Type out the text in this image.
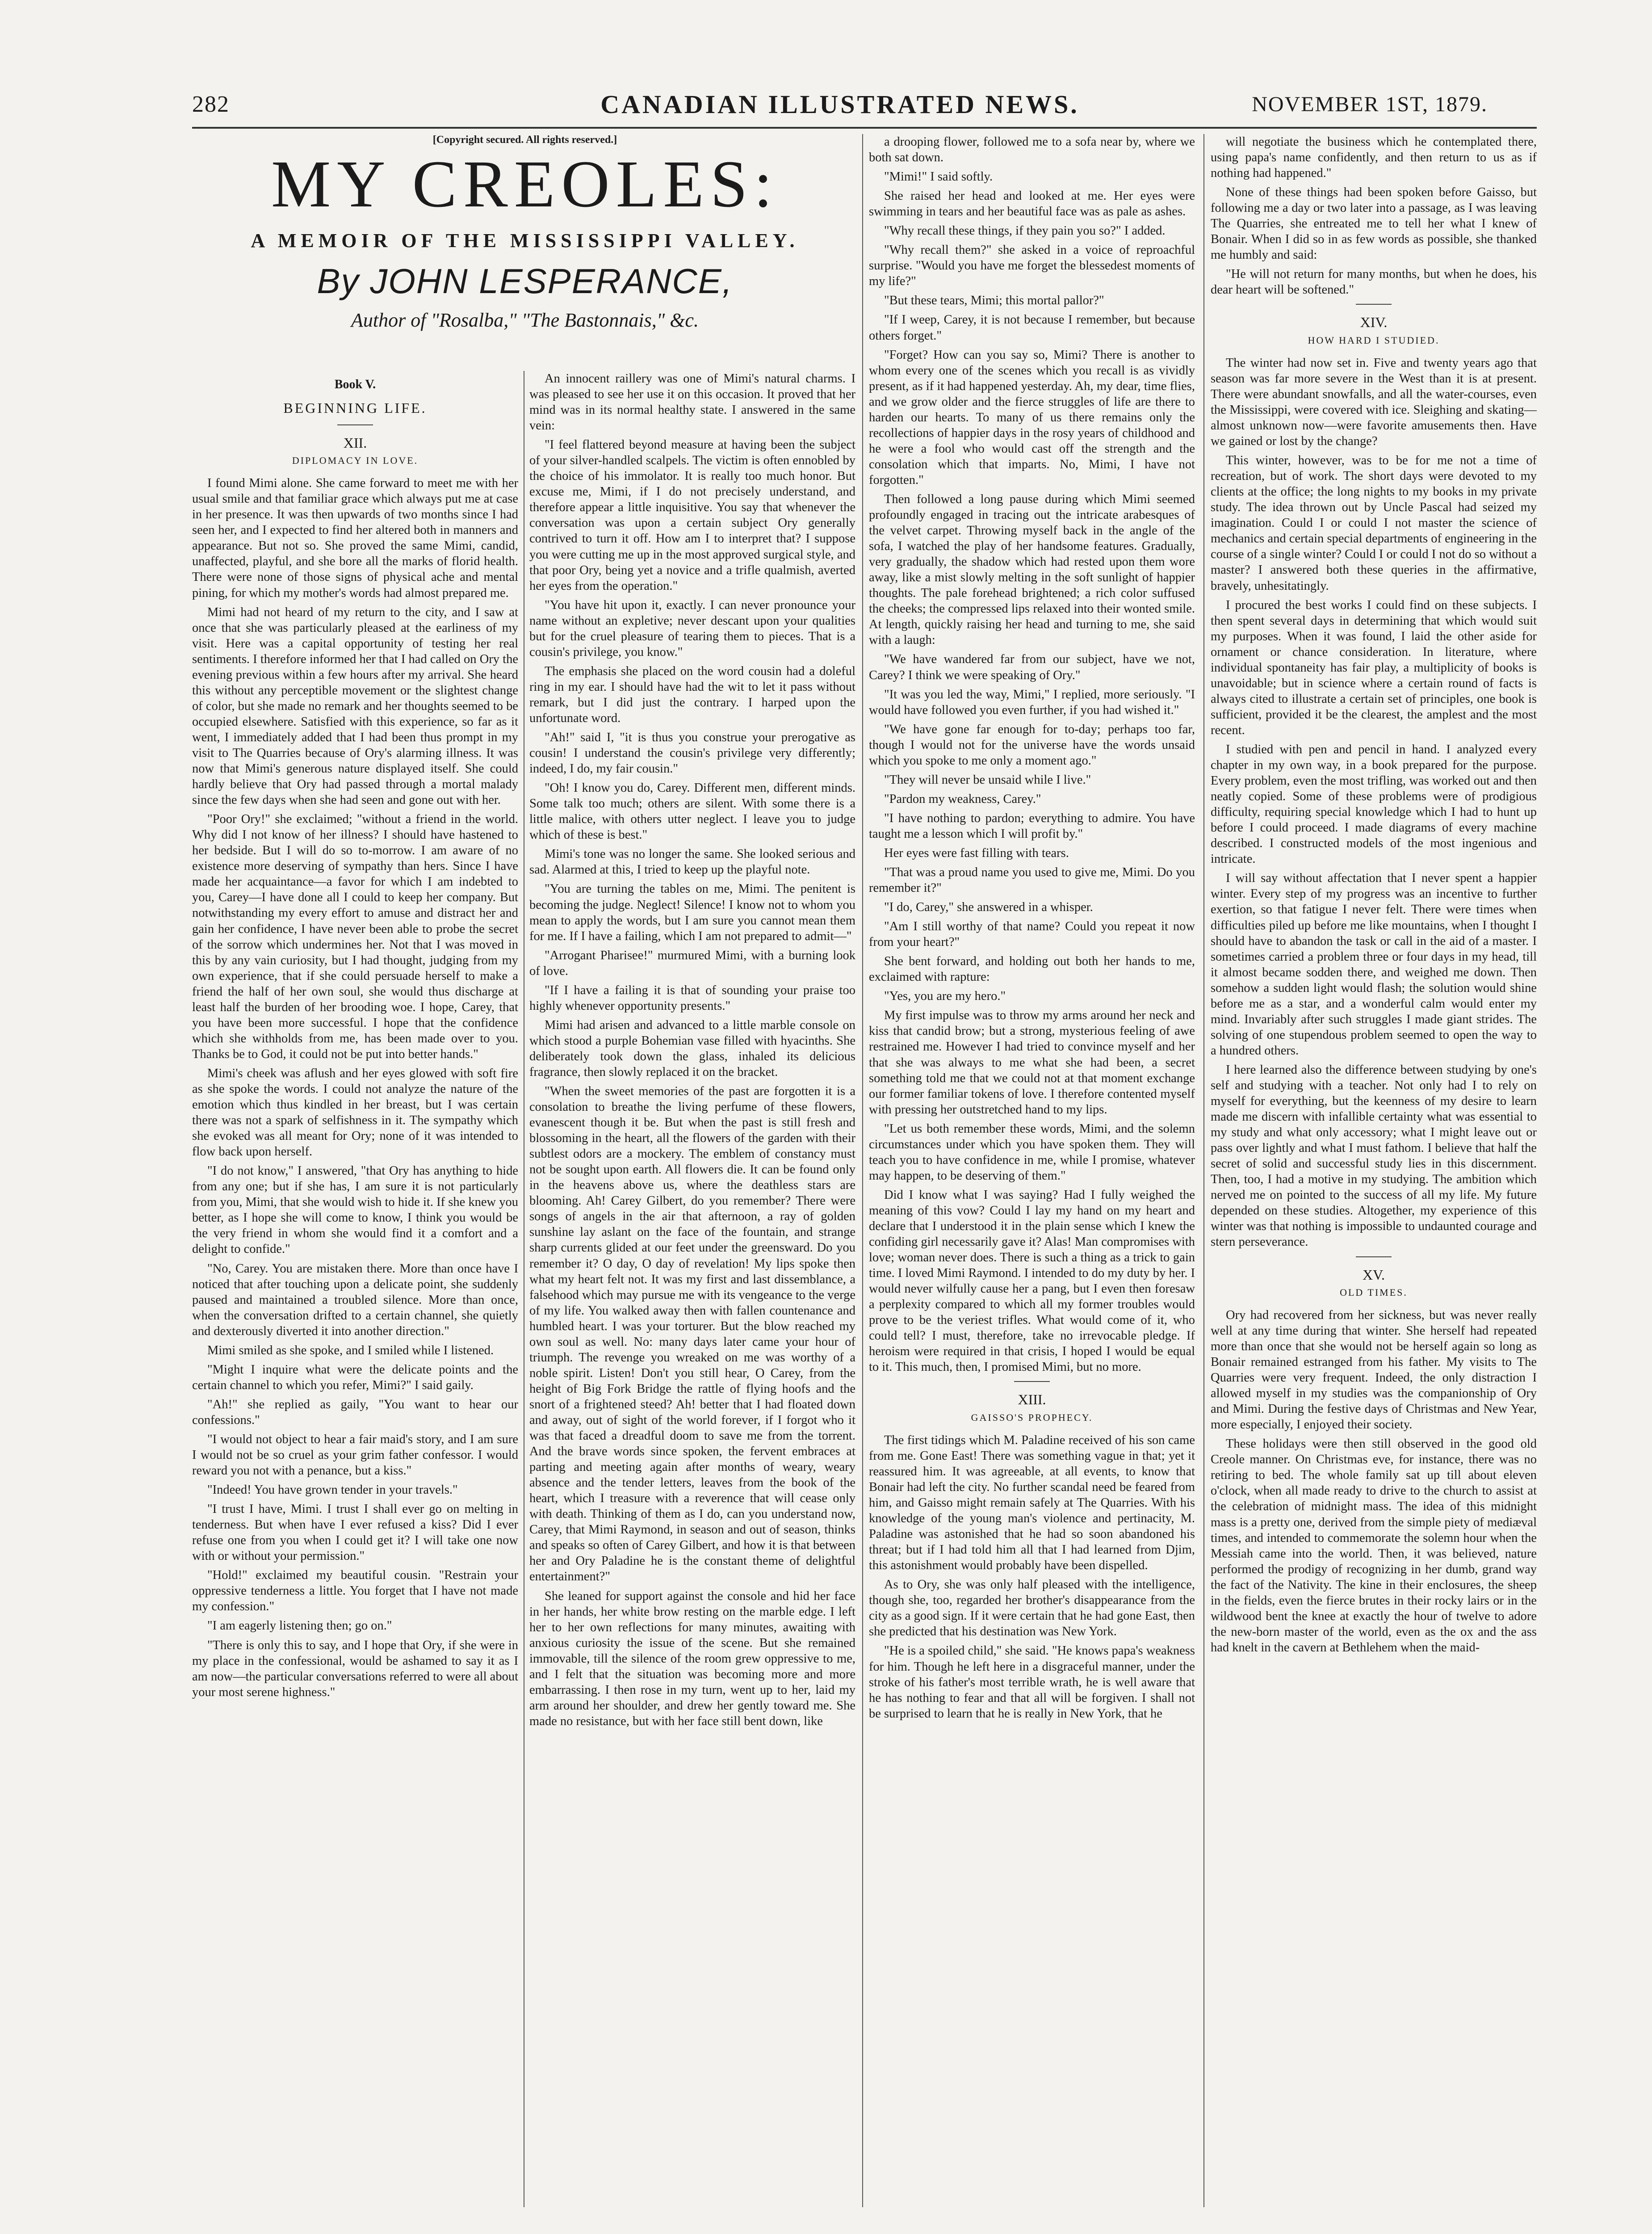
282	CANADIAN ILLUSTRATED NEWS.	NOVEMBER 1ST, 1879.
[Copyright secured. All rights reserved.]
MY CREOLES:
A MEMOIR OF THE MISSISSIPPI VALLEY.
By JOHN LESPERANCE,
Author of "Rosalba," "The Bastonnais," &c.
Book V.
BEGINNING LIFE.
XII.
DIPLOMACY IN LOVE.

I found Mimi alone. She came forward to meet me with her usual smile and that familiar grace which always put me at case in her presence. It was then upwards of two months since I had seen her, and I expected to find her altered both in manners and appearance. But not so. She proved the same Mimi, candid, unaffected, playful, and she bore all the marks of florid health. There were none of those signs of physical ache and mental pining, for which my mother's words had almost prepared me.

Mimi had not heard of my return to the city, and I saw at once that she was particularly pleased at the earliness of my visit. Here was a capital opportunity of testing her real sentiments. I therefore informed her that I had called on Ory the evening previous within a few hours after my arrival. She heard this without any perceptible movement or the slightest change of color, but she made no remark and her thoughts seemed to be occupied elsewhere. Satisfied with this experience, so far as it went, I immediately added that I had been thus prompt in my visit to The Quarries because of Ory's alarming illness. It was now that Mimi's generous nature displayed itself. She could hardly believe that Ory had passed through a mortal malady since the few days when she had seen and gone out with her.

"Poor Ory!" she exclaimed; "without a friend in the world. Why did I not know of her illness? I should have hastened to her bedside. But I will do so to-morrow. I am aware of no existence more deserving of sympathy than hers. Since I have made her acquaintance—a favor for which I am indebted to you, Carey—I have done all I could to keep her company. But notwithstanding my every effort to amuse and distract her and gain her confidence, I have never been able to probe the secret of the sorrow which undermines her. Not that I was moved in this by any vain curiosity, but I had thought, judging from my own experience, that if she could persuade herself to make a friend the half of her own soul, she would thus discharge at least half the burden of her brooding woe. I hope, Carey, that you have been more successful. I hope that the confidence which she withholds from me, has been made over to you. Thanks be to God, it could not be put into better hands."

Mimi's cheek was aflush and her eyes glowed with soft fire as she spoke the words. I could not analyze the nature of the emotion which thus kindled in her breast, but I was certain there was not a spark of selfishness in it. The sympathy which she evoked was all meant for Ory; none of it was intended to flow back upon herself.

"I do not know," I answered, "that Ory has anything to hide from any one; but if she has, I am sure it is not particularly from you, Mimi, that she would wish to hide it. If she knew you better, as I hope she will come to know, I think you would be the very friend in whom she would find it a comfort and a delight to confide."

"No, Carey. You are mistaken there. More than once have I noticed that after touching upon a delicate point, she suddenly paused and maintained a troubled silence. More than once, when the conversation drifted to a certain channel, she quietly and dexterously diverted it into another direction."

Mimi smiled as she spoke, and I smiled while I listened.

"Might I inquire what were the delicate points and the certain channel to which you refer, Mimi?" I said gaily.

"Ah!" she replied as gaily, "You want to hear our confessions."

"I would not object to hear a fair maid's story, and I am sure I would not be so cruel as your grim father confessor. I would reward you not with a penance, but a kiss."

"Indeed! You have grown tender in your travels."

"I trust I have, Mimi. I trust I shall ever go on melting in tenderness. But when have I ever refused a kiss? Did I ever refuse one from you when I could get it? I will take one now with or without your permission."

"Hold!" exclaimed my beautiful cousin. "Restrain your oppressive tenderness a little. You forget that I have not made my confession."

"I am eagerly listening then; go on."

"There is only this to say, and I hope that Ory, if she were in my place in the confessional, would be ashamed to say it as I am now—the particular conversations referred to were all about your most serene highness."

An innocent raillery was one of Mimi's natural charms. I was pleased to see her use it on this occasion. It proved that her mind was in its normal healthy state. I answered in the same vein:

"I feel flattered beyond measure at having been the subject of your silver-handled scalpels. The victim is often ennobled by the choice of his immolator. It is really too much honor. But excuse me, Mimi, if I do not precisely understand, and therefore appear a little inquisitive. You say that whenever the conversation was upon a certain subject Ory generally contrived to turn it off. How am I to interpret that? I suppose you were cutting me up in the most approved surgical style, and that poor Ory, being yet a novice and a trifle qualmish, averted her eyes from the operation."

"You have hit upon it, exactly. I can never pronounce your name without an expletive; never descant upon your qualities but for the cruel pleasure of tearing them to pieces. That is a cousin's privilege, you know."

The emphasis she placed on the word cousin had a doleful ring in my ear. I should have had the wit to let it pass without remark, but I did just the contrary. I harped upon the unfortunate word.

"Ah!" said I, "it is thus you construe your prerogative as cousin! I understand the cousin's privilege very differently; indeed, I do, my fair cousin."

"Oh! I know you do, Carey. Different men, different minds. Some talk too much; others are silent. With some there is a little malice, with others utter neglect. I leave you to judge which of these is best."

Mimi's tone was no longer the same. She looked serious and sad. Alarmed at this, I tried to keep up the playful note.

"You are turning the tables on me, Mimi. The penitent is becoming the judge. Neglect! Silence! I know not to whom you mean to apply the words, but I am sure you cannot mean them for me. If I have a failing, which I am not prepared to admit—"

"Arrogant Pharisee!" murmured Mimi, with a burning look of love.

"If I have a failing it is that of sounding your praise too highly whenever opportunity presents."

Mimi had arisen and advanced to a little marble console on which stood a purple Bohemian vase filled with hyacinths. She deliberately took down the glass, inhaled its delicious fragrance, then slowly replaced it on the bracket.

"When the sweet memories of the past are forgotten it is a consolation to breathe the living perfume of these flowers, evanescent though it be. But when the past is still fresh and blossoming in the heart, all the flowers of the garden with their subtlest odors are a mockery. The emblem of constancy must not be sought upon earth. All flowers die. It can be found only in the heavens above us, where the deathless stars are blooming. Ah! Carey Gilbert, do you remember? There were songs of angels in the air that afternoon, a ray of golden sunshine lay aslant on the face of the fountain, and strange sharp currents glided at our feet under the greensward. Do you remember it? O day, O day of revelation! My lips spoke then what my heart felt not. It was my first and last dissemblance, a falsehood which may pursue me with its vengeance to the verge of my life. You walked away then with fallen countenance and humbled heart. I was your torturer. But the blow reached my own soul as well. No: many days later came your hour of triumph. The revenge you wreaked on me was worthy of a noble spirit. Listen! Don't you still hear, O Carey, from the height of Big Fork Bridge the rattle of flying hoofs and the snort of a frightened steed? Ah! better that I had floated down and away, out of sight of the world forever, if I forgot who it was that faced a dreadful doom to save me from the torrent. And the brave words since spoken, the fervent embraces at parting and meeting again after months of weary, weary absence and the tender letters, leaves from the book of the heart, which I treasure with a reverence that will cease only with death. Thinking of them as I do, can you understand now, Carey, that Mimi Raymond, in season and out of season, thinks and speaks so often of Carey Gilbert, and how it is that between her and Ory Paladine he is the constant theme of delightful entertainment?"

She leaned for support against the console and hid her face in her hands, her white brow resting on the marble edge. I left her to her own reflections for many minutes, awaiting with anxious curiosity the issue of the scene. But she remained immovable, till the silence of the room grew oppressive to me, and I felt that the situation was becoming more and more embarrassing. I then rose in my turn, went up to her, laid my arm around her shoulder, and drew her gently toward me. She made no resistance, but with her face still bent down, like

a drooping flower, followed me to a sofa near by, where we both sat down.

"Mimi!" I said softly.

She raised her head and looked at me. Her eyes were swimming in tears and her beautiful face was as pale as ashes.

"Why recall these things, if they pain you so?" I added.

"Why recall them?" she asked in a voice of reproachful surprise. "Would you have me forget the blessedest moments of my life?"

"But these tears, Mimi; this mortal pallor?"

"If I weep, Carey, it is not because I remember, but because others forget."

"Forget? How can you say so, Mimi? There is another to whom every one of the scenes which you recall is as vividly present, as if it had happened yesterday. Ah, my dear, time flies, and we grow older and the fierce struggles of life are there to harden our hearts. To many of us there remains only the recollections of happier days in the rosy years of childhood and he were a fool who would cast off the strength and the consolation which that imparts. No, Mimi, I have not forgotten."

Then followed a long pause during which Mimi seemed profoundly engaged in tracing out the intricate arabesques of the velvet carpet. Throwing myself back in the angle of the sofa, I watched the play of her handsome features. Gradually, very gradually, the shadow which had rested upon them wore away, like a mist slowly melting in the soft sunlight of happier thoughts. The pale forehead brightened; a rich color suffused the cheeks; the compressed lips relaxed into their wonted smile. At length, quickly raising her head and turning to me, she said with a laugh:

"We have wandered far from our subject, have we not, Carey? I think we were speaking of Ory."

"It was you led the way, Mimi," I replied, more seriously. "I would have followed you even further, if you had wished it."

"We have gone far enough for to-day; perhaps too far, though I would not for the universe have the words unsaid which you spoke to me only a moment ago."

"They will never be unsaid while I live."

"Pardon my weakness, Carey."

"I have nothing to pardon; everything to admire. You have taught me a lesson which I will profit by."

Her eyes were fast filling with tears.

"That was a proud name you used to give me, Mimi. Do you remember it?"

"I do, Carey," she answered in a whisper.

"Am I still worthy of that name? Could you repeat it now from your heart?"

She bent forward, and holding out both her hands to me, exclaimed with rapture:

"Yes, you are my hero."

My first impulse was to throw my arms around her neck and kiss that candid brow; but a strong, mysterious feeling of awe restrained me. However I had tried to convince myself and her that she was always to me what she had been, a secret something told me that we could not at that moment exchange our former familiar tokens of love. I therefore contented myself with pressing her outstretched hand to my lips.

"Let us both remember these words, Mimi, and the solemn circumstances under which you have spoken them. They will teach you to have confidence in me, while I promise, whatever may happen, to be deserving of them."

Did I know what I was saying? Had I fully weighed the meaning of this vow? Could I lay my hand on my heart and declare that I understood it in the plain sense which I knew the confiding girl necessarily gave it? Alas! Man compromises with love; woman never does. There is such a thing as a trick to gain time. I loved Mimi Raymond. I intended to do my duty by her. I would never wilfully cause her a pang, but I even then foresaw a perplexity compared to which all my former troubles would prove to be the veriest trifles. What would come of it, who could tell? I must, therefore, take no irrevocable pledge. If heroism were required in that crisis, I hoped I would be equal to it. This much, then, I promised Mimi, but no more.

XIII.
GAISSO'S PROPHECY.

The first tidings which M. Paladine received of his son came from me. Gone East! There was something vague in that; yet it reassured him. It was agreeable, at all events, to know that Bonair had left the city. No further scandal need be feared from him, and Gaisso might remain safely at The Quarries. With his knowledge of the young man's violence and pertinacity, M. Paladine was astonished that he had so soon abandoned his threat; but if I had told him all that I had learned from Djim, this astonishment would probably have been dispelled.

As to Ory, she was only half pleased with the intelligence, though she, too, regarded her brother's disappearance from the city as a good sign. If it were certain that he had gone East, then she predicted that his destination was New York.

"He is a spoiled child," she said. "He knows papa's weakness for him. Though he left here in a disgraceful manner, under the stroke of his father's most terrible wrath, he is well aware that he has nothing to fear and that all will be forgiven. I shall not be surprised to learn that he is really in New York, that he

will negotiate the business which he contemplated there, using papa's name confidently, and then return to us as if nothing had happened."

None of these things had been spoken before Gaisso, but following me a day or two later into a passage, as I was leaving The Quarries, she entreated me to tell her what I knew of Bonair. When I did so in as few words as possible, she thanked me humbly and said:

"He will not return for many months, but when he does, his dear heart will be softened."

XIV.
HOW HARD I STUDIED.

The winter had now set in. Five and twenty years ago that season was far more severe in the West than it is at present. There were abundant snowfalls, and all the water-courses, even the Mississippi, were covered with ice. Sleighing and skating—almost unknown now—were favorite amusements then. Have we gained or lost by the change?

This winter, however, was to be for me not a time of recreation, but of work. The short days were devoted to my clients at the office; the long nights to my books in my private study. The idea thrown out by Uncle Pascal had seized my imagination. Could I or could I not master the science of mechanics and certain special departments of engineering in the course of a single winter? Could I or could I not do so without a master? I answered both these queries in the affirmative, bravely, unhesitatingly.

I procured the best works I could find on these subjects. I then spent several days in determining that which would suit my purposes. When it was found, I laid the other aside for ornament or chance consideration. In literature, where individual spontaneity has fair play, a multiplicity of books is unavoidable; but in science where a certain round of facts is always cited to illustrate a certain set of principles, one book is sufficient, provided it be the clearest, the amplest and the most recent.

I studied with pen and pencil in hand. I analyzed every chapter in my own way, in a book prepared for the purpose. Every problem, even the most trifling, was worked out and then neatly copied. Some of these problems were of prodigious difficulty, requiring special knowledge which I had to hunt up before I could proceed. I made diagrams of every machine described. I constructed models of the most ingenious and intricate.

I will say without affectation that I never spent a happier winter. Every step of my progress was an incentive to further exertion, so that fatigue I never felt. There were times when difficulties piled up before me like mountains, when I thought I should have to abandon the task or call in the aid of a master. I sometimes carried a problem three or four days in my head, till it almost became sodden there, and weighed me down. Then somehow a sudden light would flash; the solution would shine before me as a star, and a wonderful calm would enter my mind. Invariably after such struggles I made giant strides. The solving of one stupendous problem seemed to open the way to a hundred others.

I here learned also the difference between studying by one's self and studying with a teacher. Not only had I to rely on myself for everything, but the keenness of my desire to learn made me discern with infallible certainty what was essential to my study and what only accessory; what I might leave out or pass over lightly and what I must fathom. I believe that half the secret of solid and successful study lies in this discernment. Then, too, I had a motive in my studying. The ambition which nerved me on pointed to the success of all my life. My future depended on these studies. Altogether, my experience of this winter was that nothing is impossible to undaunted courage and stern perseverance.

XV.
OLD TIMES.

Ory had recovered from her sickness, but was never really well at any time during that winter. She herself had repeated more than once that she would not be herself again so long as Bonair remained estranged from his father. My visits to The Quarries were very frequent. Indeed, the only distraction I allowed myself in my studies was the companionship of Ory and Mimi. During the festive days of Christmas and New Year, more especially, I enjoyed their society.

These holidays were then still observed in the good old Creole manner. On Christmas eve, for instance, there was no retiring to bed. The whole family sat up till about eleven o'clock, when all made ready to drive to the church to assist at the celebration of midnight mass. The idea of this midnight mass is a pretty one, derived from the simple piety of mediæval times, and intended to commemorate the solemn hour when the Messiah came into the world. Then, it was believed, nature performed the prodigy of recognizing in her dumb, grand way the fact of the Nativity. The kine in their enclosures, the sheep in the fields, even the fierce brutes in their rocky lairs or in the wildwood bent the knee at exactly the hour of twelve to adore the new-born master of the world, even as the ox and the ass had knelt in the cavern at Bethlehem when the maid-
